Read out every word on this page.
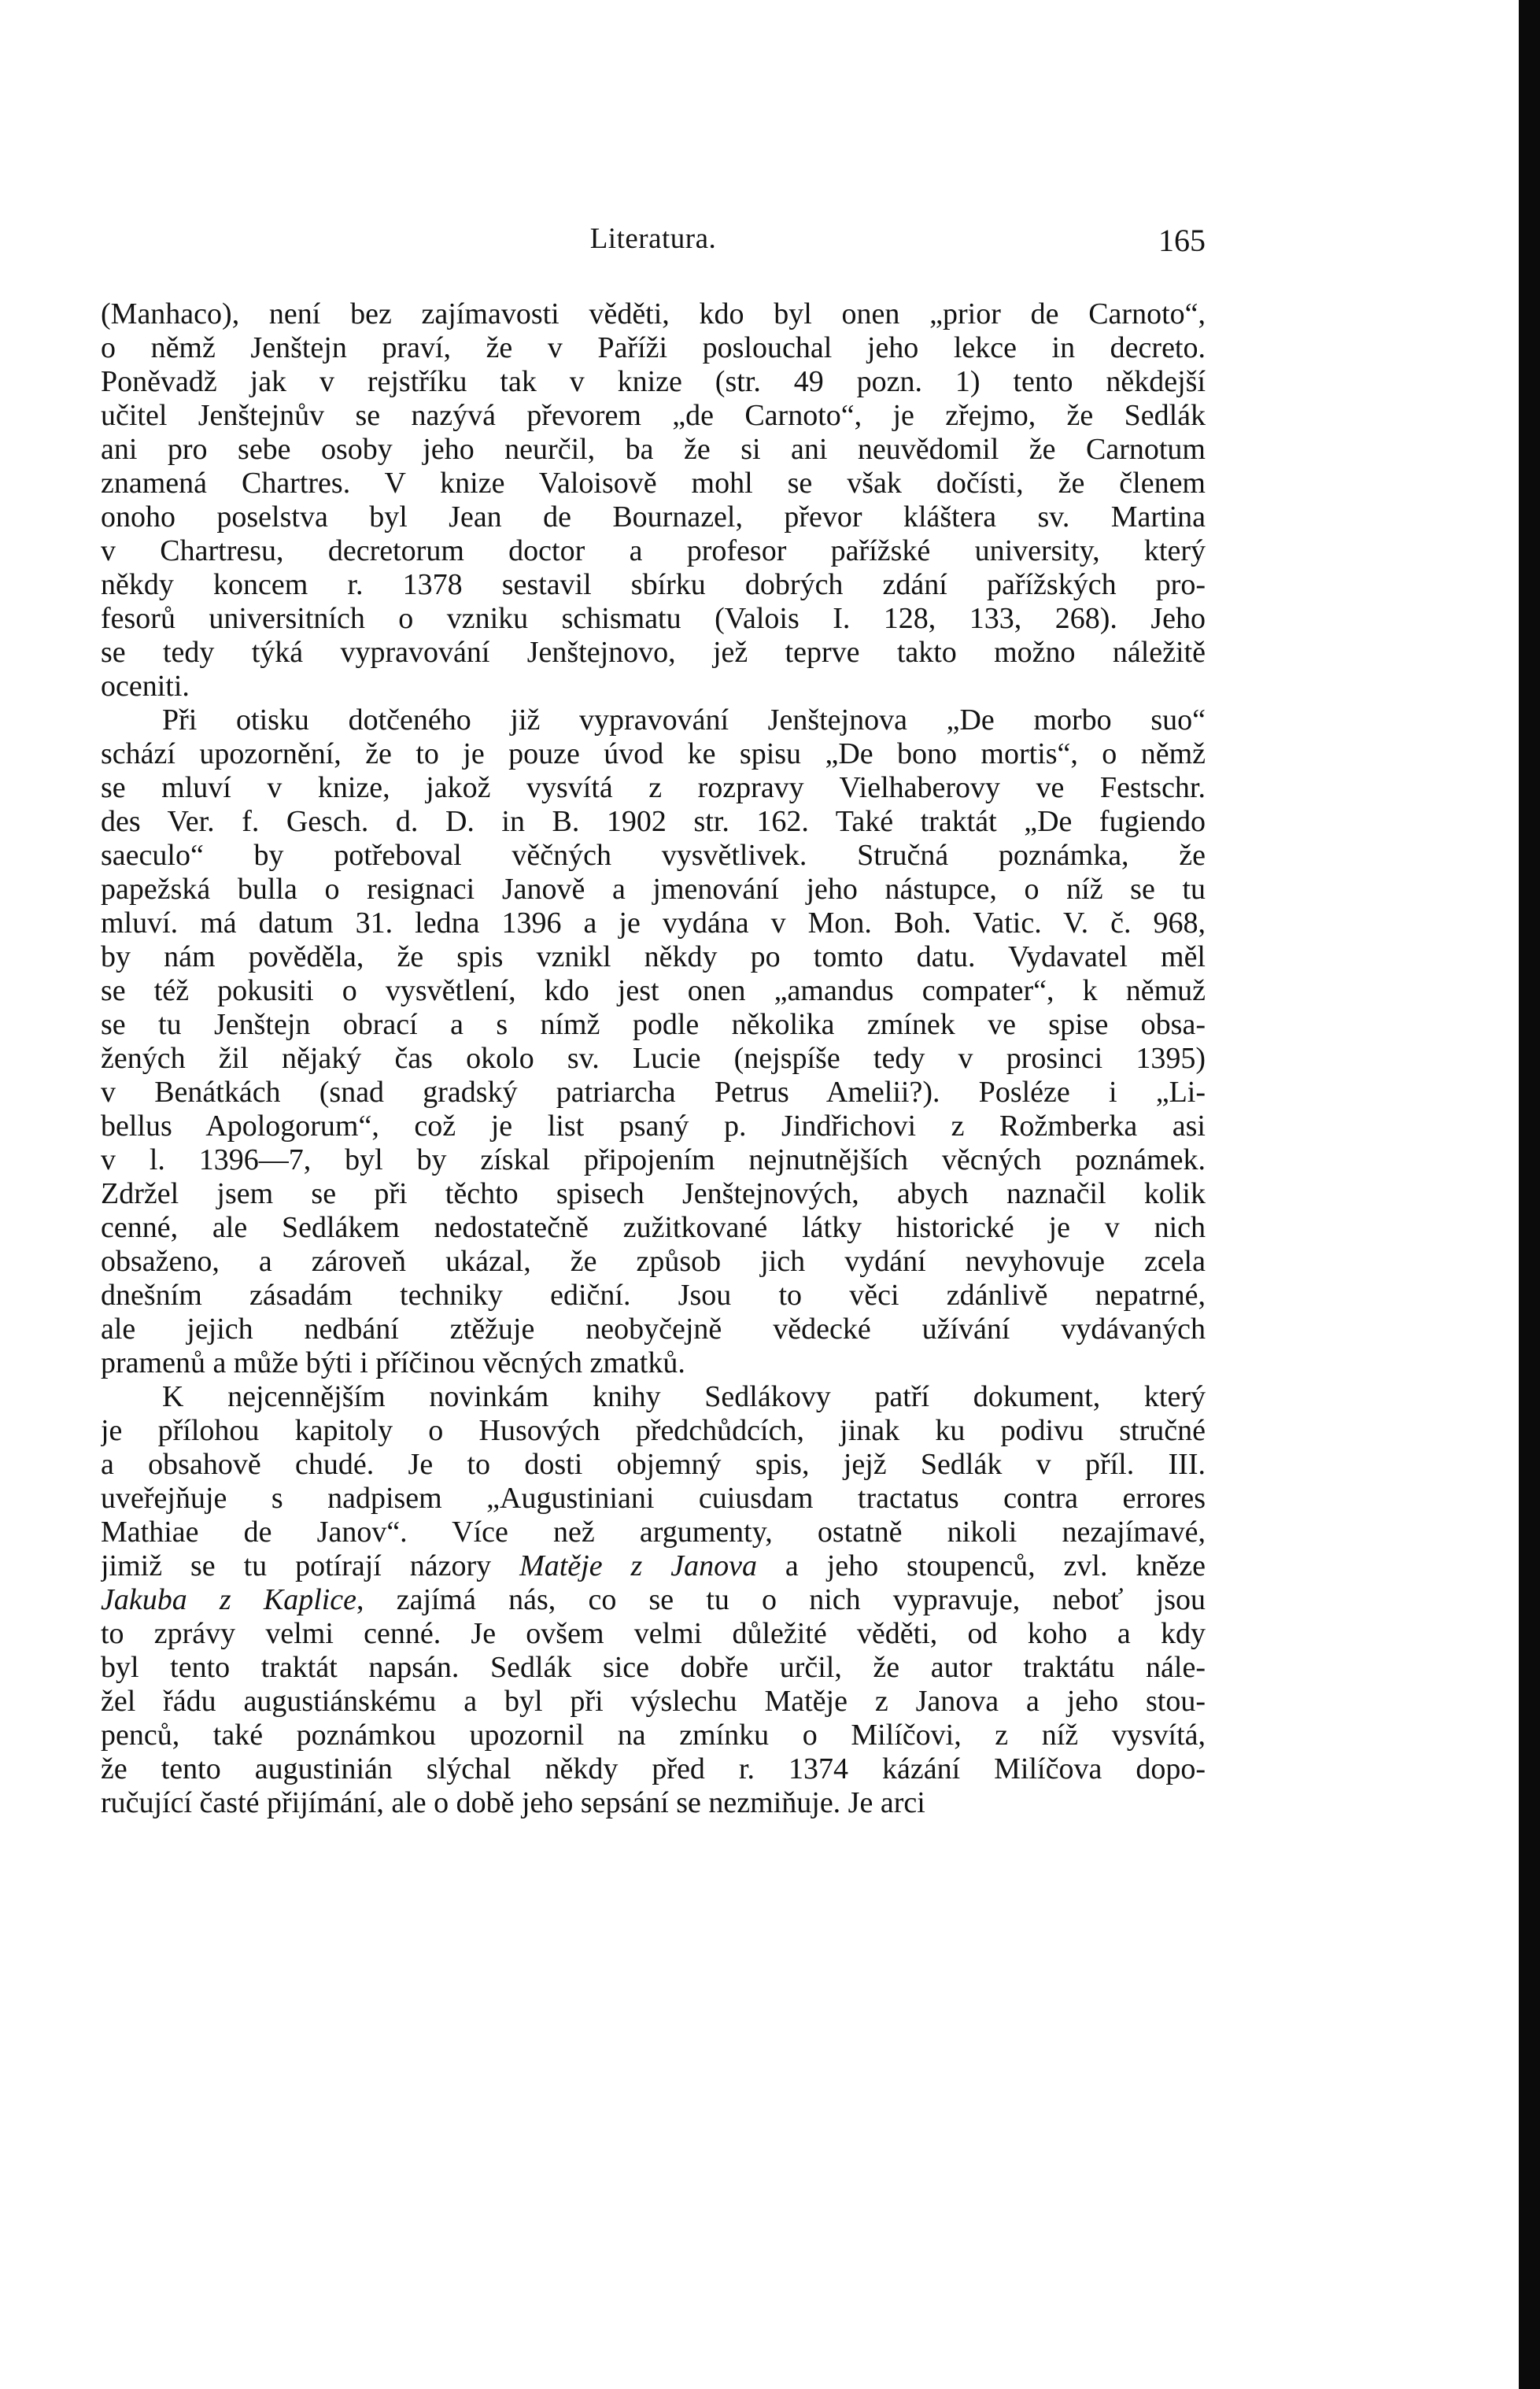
Literatura.	165
(Manhaco), není bez zajímavosti věděti, kdo byl onen „prior de Carnoto“,
o němž Jenštejn praví, že v Paříži poslouchal jeho lekce in decreto.
Poněvadž jak v rejstříku tak v knize (str. 49 pozn. 1) tento někdejší
učitel Jenštejnův se nazývá převorem „de Carnoto“, je zřejmo, že Sedlák
ani pro sebe osoby jeho neurčil, ba že si ani neuvědomil že Carnotum
znamená Chartres. V knize Valoisově mohl se však dočísti, že členem
onoho poselstva byl Jean de Bournazel, převor kláštera sv. Martina
v Chartresu, decretorum doctor a profesor pařížské university, který
někdy koncem r. 1378 sestavil sbírku dobrých zdání pařížských pro-
fesorů universitních o vzniku schismatu (Valois I. 128, 133, 268). Jeho
se tedy týká vypravování Jenštejnovo, jež teprve takto možno náležitě
oceniti.
Při otisku dotčeného již vypravování Jenštejnova „De morbo suo“
schází upozornění, že to je pouze úvod ke spisu „De bono mortis“, o němž
se mluví v knize, jakož vysvítá z rozpravy Vielhaberovy ve Festschr.
des Ver. f. Gesch. d. D. in B. 1902 str. 162. Také traktát „De fugiendo
saeculo“ by potřeboval věčných vysvětlivek. Stručná poznámka, že
papežská bulla o resignaci Janově a jmenování jeho nástupce, o níž se tu
mluví. má datum 31. ledna 1396 a je vydána v Mon. Boh. Vatic. V. č. 968,
by nám pověděla, že spis vznikl někdy po tomto datu. Vydavatel měl
se též pokusiti o vysvětlení, kdo jest onen „amandus compater“, k němuž
se tu Jenštejn obrací a s nímž podle několika zmínek ve spise obsa-
žených žil nějaký čas okolo sv. Lucie (nejspíše tedy v prosinci 1395)
v Benátkách (snad gradský patriarcha Petrus Amelii?). Posléze i „Li-
bellus Apologorum“, což je list psaný p. Jindřichovi z Rožmberka asi
v l. 1396—7, byl by získal připojením nejnutnějších věcných poznámek.
Zdržel jsem se při těchto spisech Jenštejnových, abych naznačil kolik
cenné, ale Sedlákem nedostatečně zužitkované látky historické je v nich
obsaženo, a zároveň ukázal, že způsob jich vydání nevyhovuje zcela
dnešním zásadám techniky ediční. Jsou to věci zdánlivě nepatrné,
ale jejich nedbání ztěžuje neobyčejně vědecké užívání vydávaných
pramenů a může býti i příčinou věcných zmatků.
K nejcennějším novinkám knihy Sedlákovy patří dokument, který
je přílohou kapitoly o Husových předchůdcích, jinak ku podivu stručné
a obsahově chudé. Je to dosti objemný spis, jejž Sedlák v příl. III.
uveřejňuje s nadpisem „Augustiniani cuiusdam tractatus contra errores
Mathiae de Janov“. Více než argumenty, ostatně nikoli nezajímavé,
jimiž se tu potírají názory Matěje z Janova a jeho stoupenců, zvl. kněze
Jakuba z Kaplice, zajímá nás, co se tu o nich vypravuje, neboť jsou
to zprávy velmi cenné. Je ovšem velmi důležité věděti, od koho a kdy
byl tento traktát napsán. Sedlák sice dobře určil, že autor traktátu nále-
žel řádu augustiánskému a byl při výslechu Matěje z Janova a jeho stou-
penců, také poznámkou upozornil na zmínku o Milíčovi, z níž vysvítá,
že tento augustinián slýchal někdy před r. 1374 kázání Milíčova dopo-
ručující časté přijímání, ale o době jeho sepsání se nezmiňuje. Je arci
